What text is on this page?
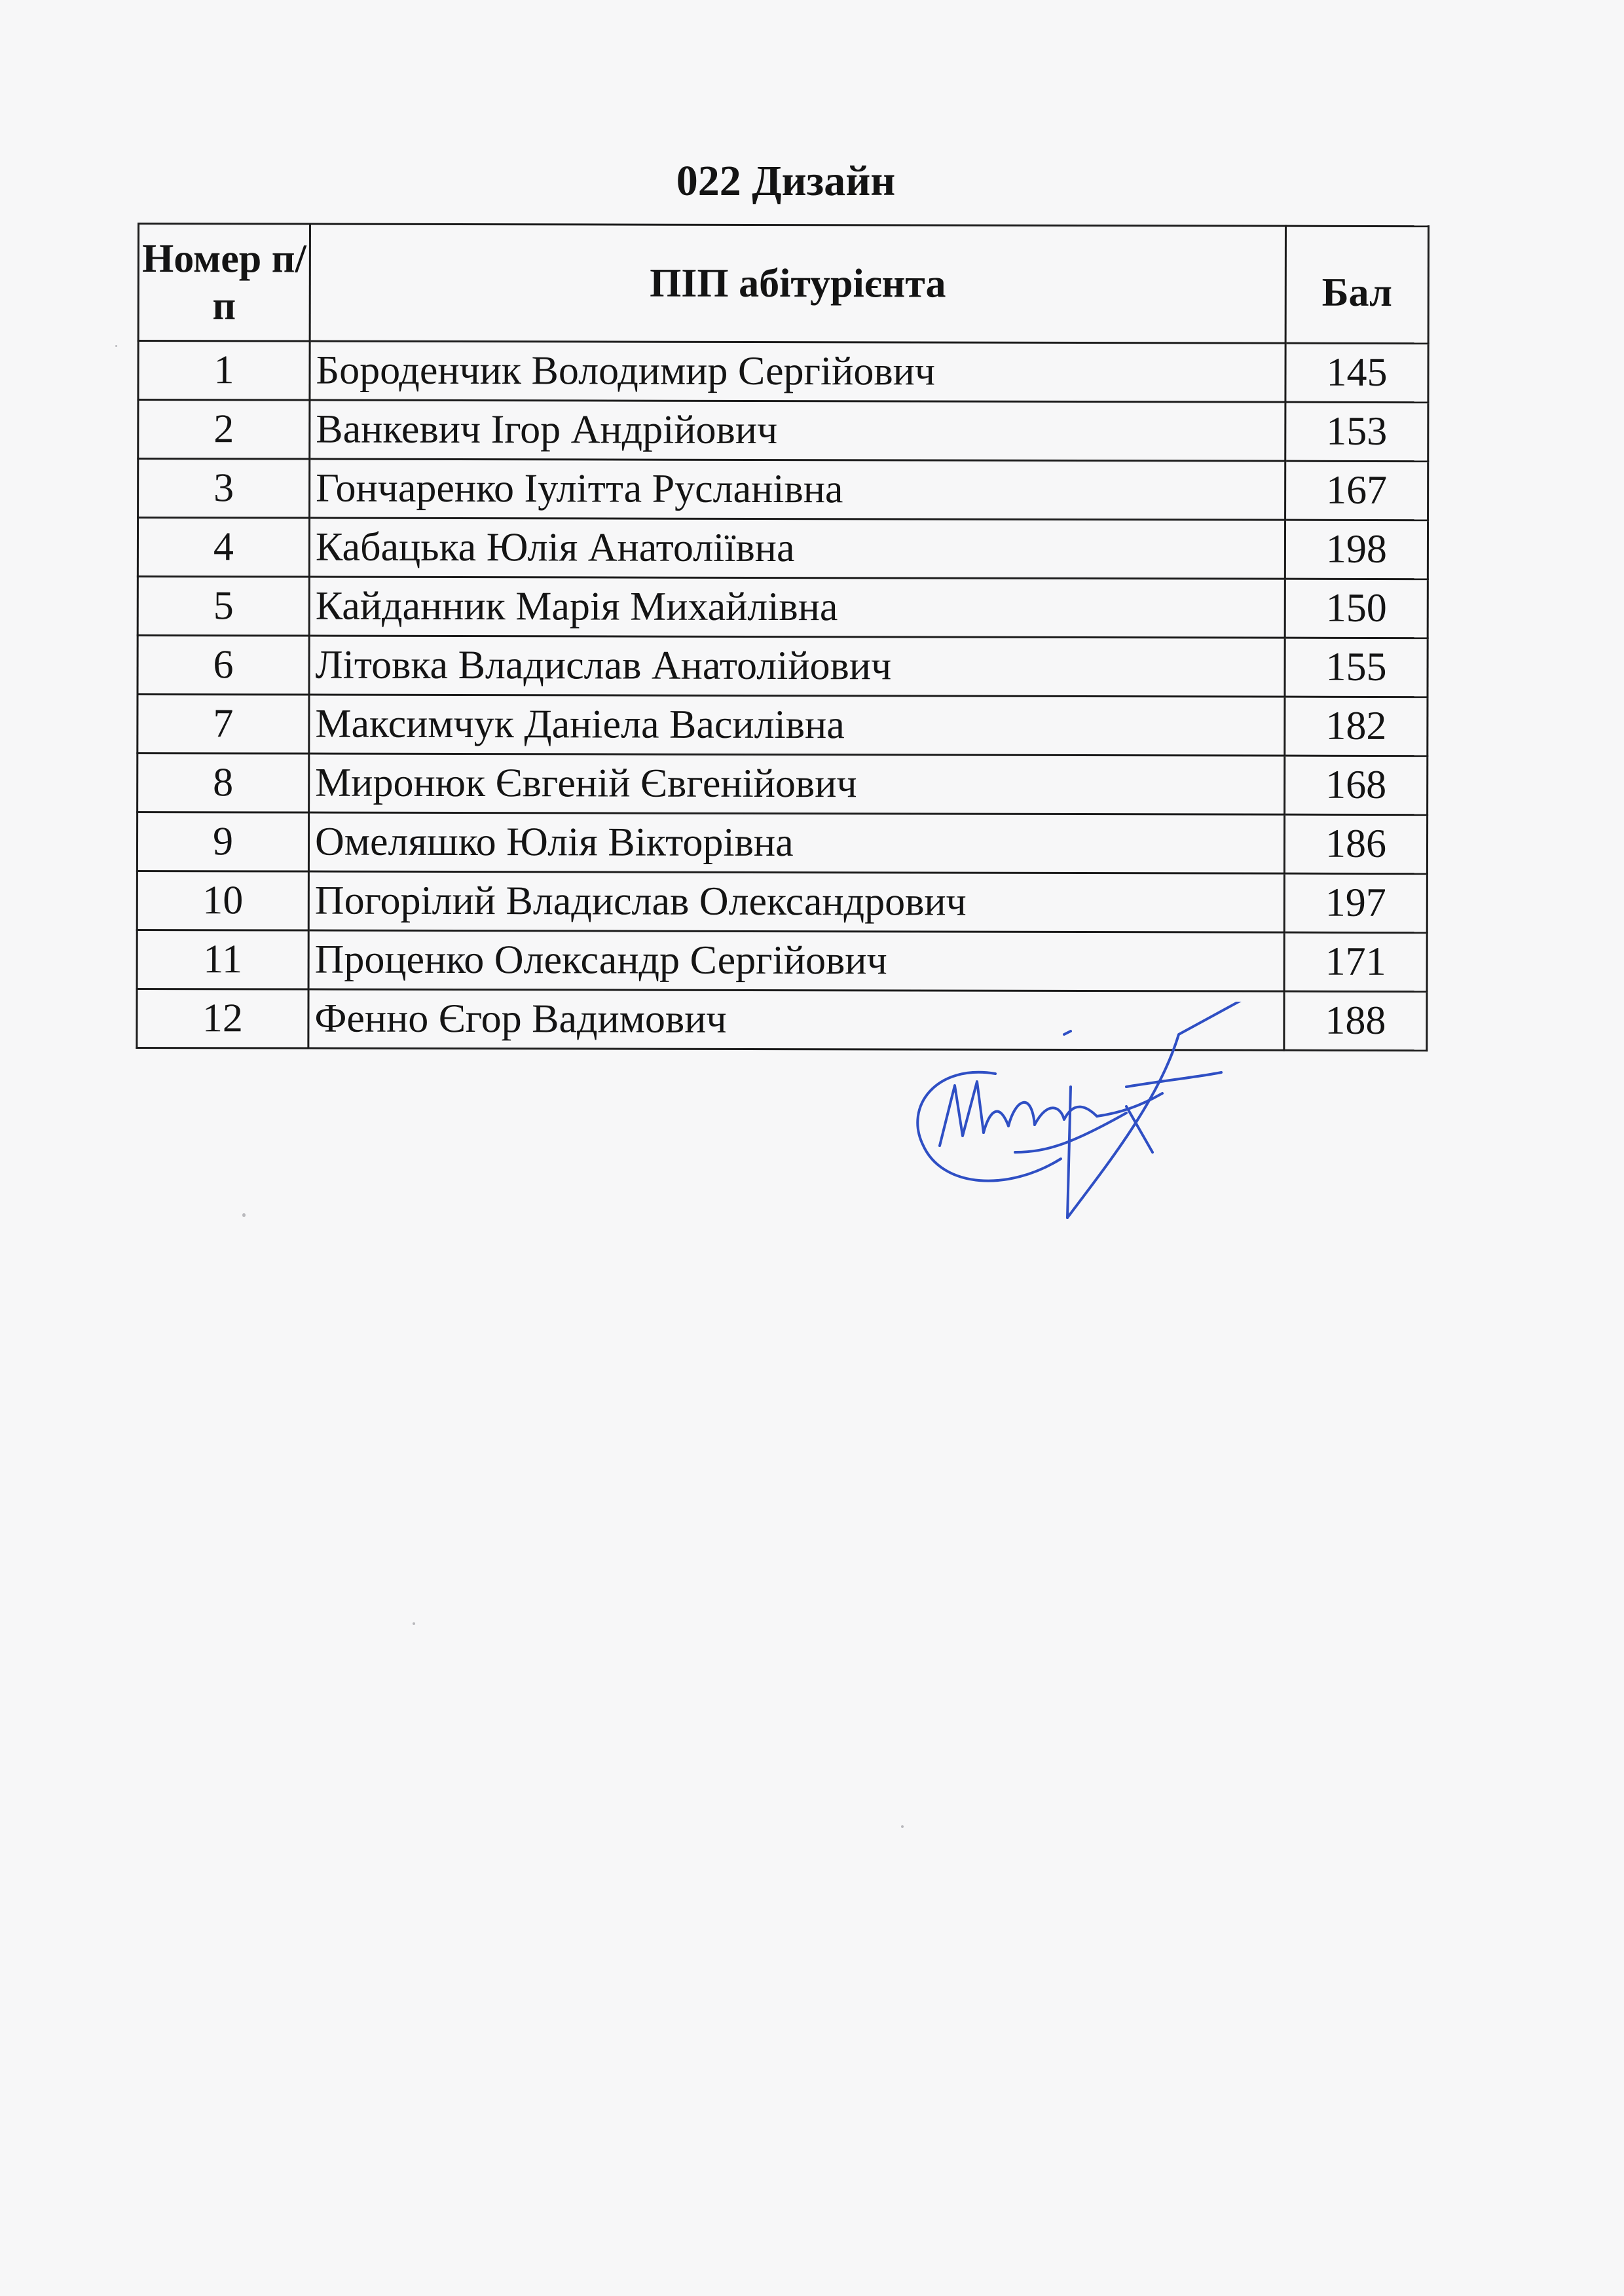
022 Дизайн
Номер п/п	ПІП абітурієнта	Бал
1	Бороденчик Володимир Сергійович	145
2	Ванкевич Ігор Андрійович	153
3	Гончаренко Іулітта Русланівна	167
4	Кабацька Юлія Анатоліївна	198
5	Кайданник Марія Михайлівна	150
6	Літовка Владислав Анатолійович	155
7	Максимчук Даніела Василівна	182
8	Миронюк Євгеній Євгенійович	168
9	Омеляшко Юлія Вікторівна	186
10	Погорілий Владислав Олександрович	197
11	Проценко Олександр Сергійович	171
12	Фенно Єгор Вадимович	188
